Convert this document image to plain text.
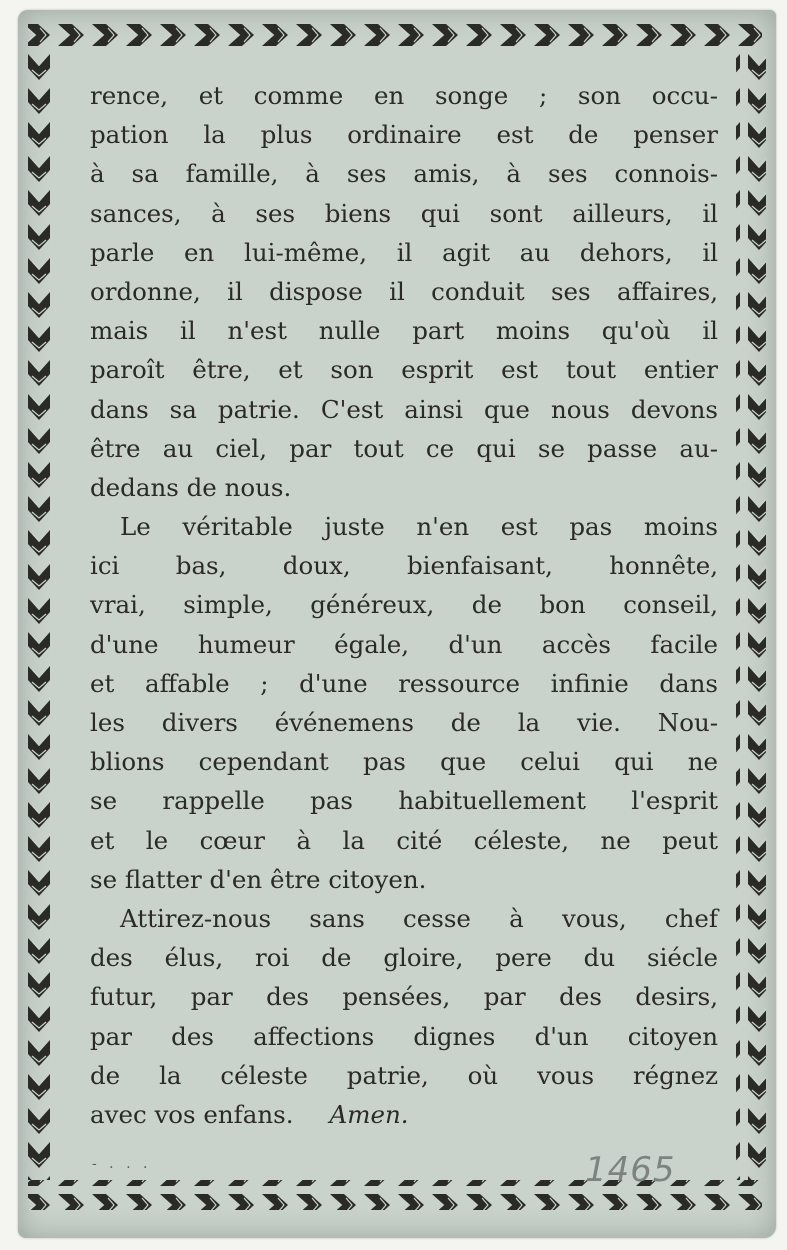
rence, et comme en songe ; son occu-
pation la plus ordinaire est de penser
à sa famille, à ses amis, à ses connois-
sances, à ses biens qui sont ailleurs, il
parle en lui-même, il agit au dehors, il
ordonne, il dispose il conduit ses affaires,
mais il n'est nulle part moins qu'où il
paroît être, et son esprit est tout entier
dans sa patrie. C'est ainsi que nous devons
être au ciel, par tout ce qui se passe au-
dedans de nous.
Le véritable juste n'en est pas moins
ici bas, doux, bienfaisant, honnête,
vrai, simple, généreux, de bon conseil,
d'une humeur égale, d'un accès facile
et affable ; d'une ressource infinie dans
les divers événemens de la vie. Nou-
blions cependant pas que celui qui ne
se rappelle pas habituellement l'esprit
et le cœur à la cité céleste, ne peut
se flatter d'en être citoyen.
Attirez-nous sans cesse à vous, chef
des élus, roi de gloire, pere du siécle
futur, par des pensées, par des desirs,
par des affections dignes d'un citoyen
de la céleste patrie, où vous régnez
avec vos enfans. Amen.
- . . .	1465
